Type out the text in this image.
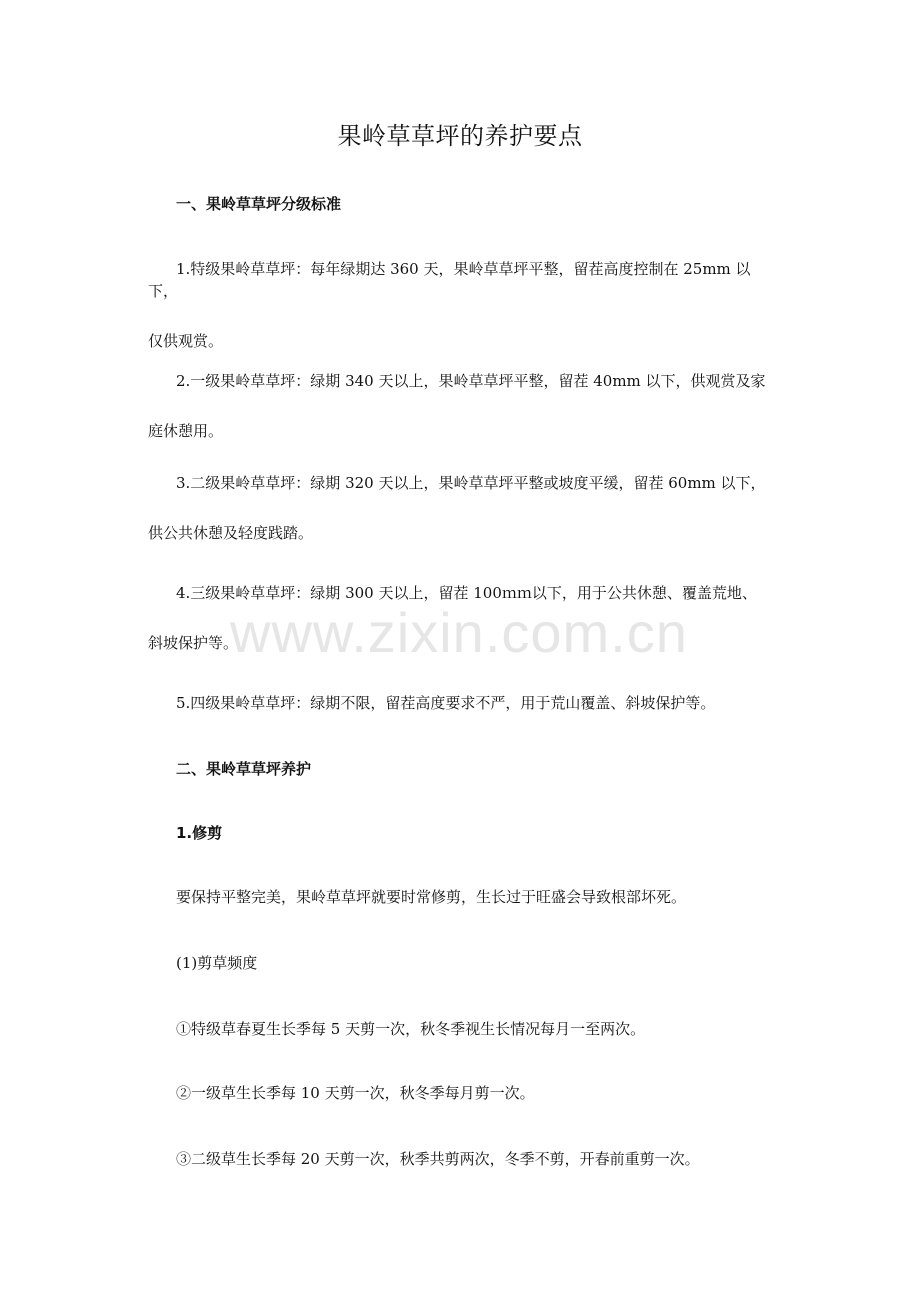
果岭草草坪的养护要点
一、果岭草草坪分级标准
1.特级果岭草草坪：每年绿期达 360 天，果岭草草坪平整，留茬高度控制在 25mm 以下，
仅供观赏。
2.一级果岭草草坪：绿期 340 天以上，果岭草草坪平整，留茬 40mm 以下，供观赏及家
庭休憩用。
3.二级果岭草草坪：绿期 320 天以上，果岭草草坪平整或坡度平缓，留茬 60mm 以下，
供公共休憩及轻度践踏。
4.三级果岭草草坪：绿期 300 天以上，留茬 100ｍｍ以下，用于公共休憩、覆盖荒地、
斜坡保护等。
5.四级果岭草草坪：绿期不限，留茬高度要求不严，用于荒山覆盖、斜坡保护等。
二、果岭草草坪养护
1.修剪
要保持平整完美，果岭草草坪就要时常修剪，生长过于旺盛会导致根部坏死。
(1)剪草频度
①特级草春夏生长季每 5 天剪一次，秋冬季视生长情况每月一至两次。
②一级草生长季每 10 天剪一次，秋冬季每月剪一次。
③二级草生长季每 20 天剪一次，秋季共剪两次，冬季不剪，开春前重剪一次。
www.zixin.com.cn
